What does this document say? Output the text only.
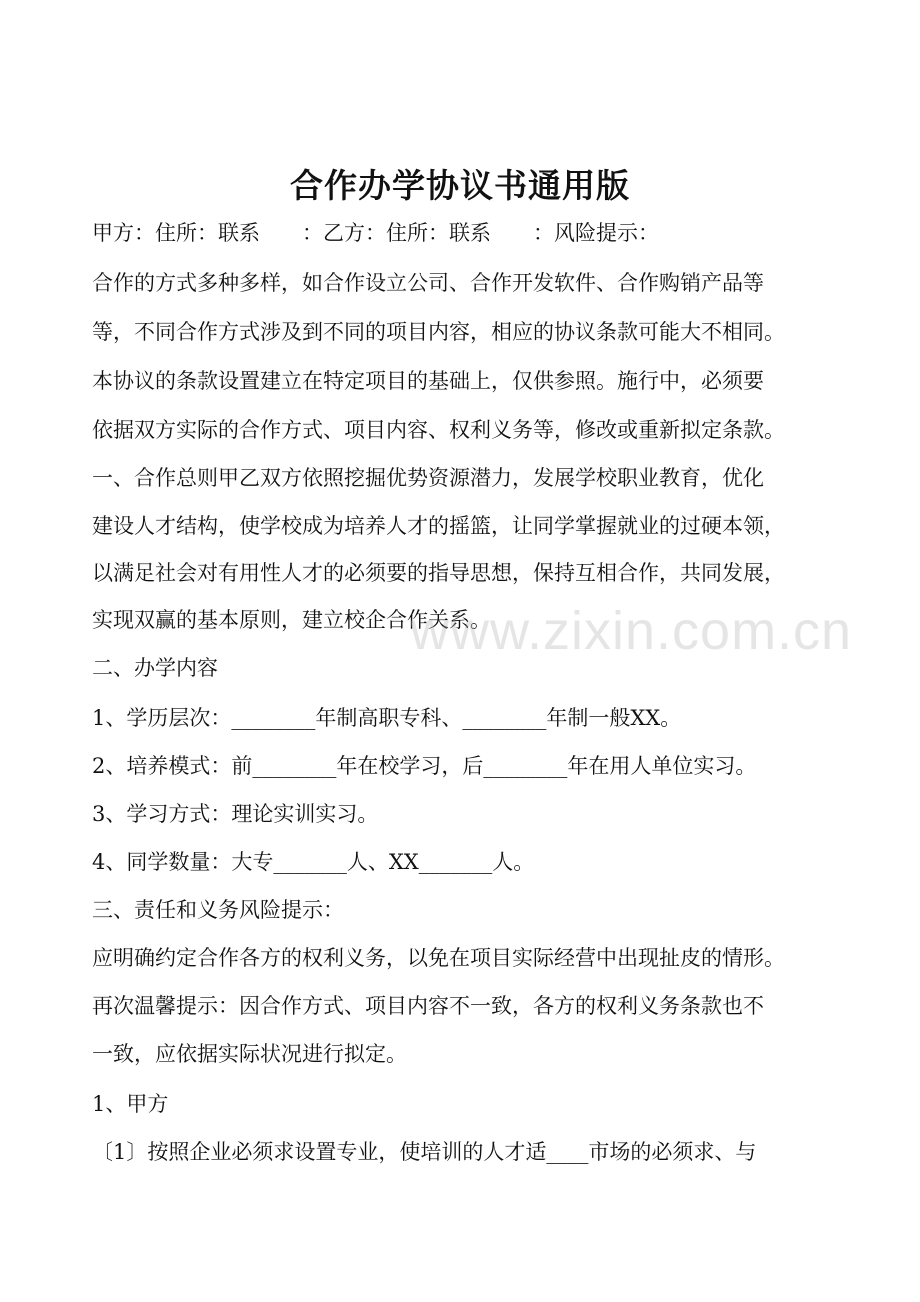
合作办学协议书通用版
甲方：住所：联系　　：乙方：住所：联系　　：风险提示：
合作的方式多种多样，如合作设立公司、合作开发软件、合作购销产品等
等，不同合作方式涉及到不同的项目内容，相应的协议条款可能大不相同。
本协议的条款设置建立在特定项目的基础上，仅供参照。施行中，必须要
依据双方实际的合作方式、项目内容、权利义务等，修改或重新拟定条款。
一、合作总则甲乙双方依照挖掘优势资源潜力，发展学校职业教育，优化
建设人才结构，使学校成为培养人才的摇篮，让同学掌握就业的过硬本领，
以满足社会对有用性人才的必须要的指导思想，保持互相合作，共同发展，
实现双赢的基本原则，建立校企合作关系。
二、办学内容
1、学历层次：________年制高职专科、________年制一般XX。
2、培养模式：前________年在校学习，后________年在用人单位实习。
3、学习方式：理论实训实习。
4、同学数量：大专_______人、XX_______人。
三、责任和义务风险提示：
应明确约定合作各方的权利义务，以免在项目实际经营中出现扯皮的情形。
再次温馨提示：因合作方式、项目内容不一致，各方的权利义务条款也不
一致，应依据实际状况进行拟定。
1、甲方
〔1〕按照企业必须求设置专业，使培训的人才适____市场的必须求、与
www.zixin.com.cn
